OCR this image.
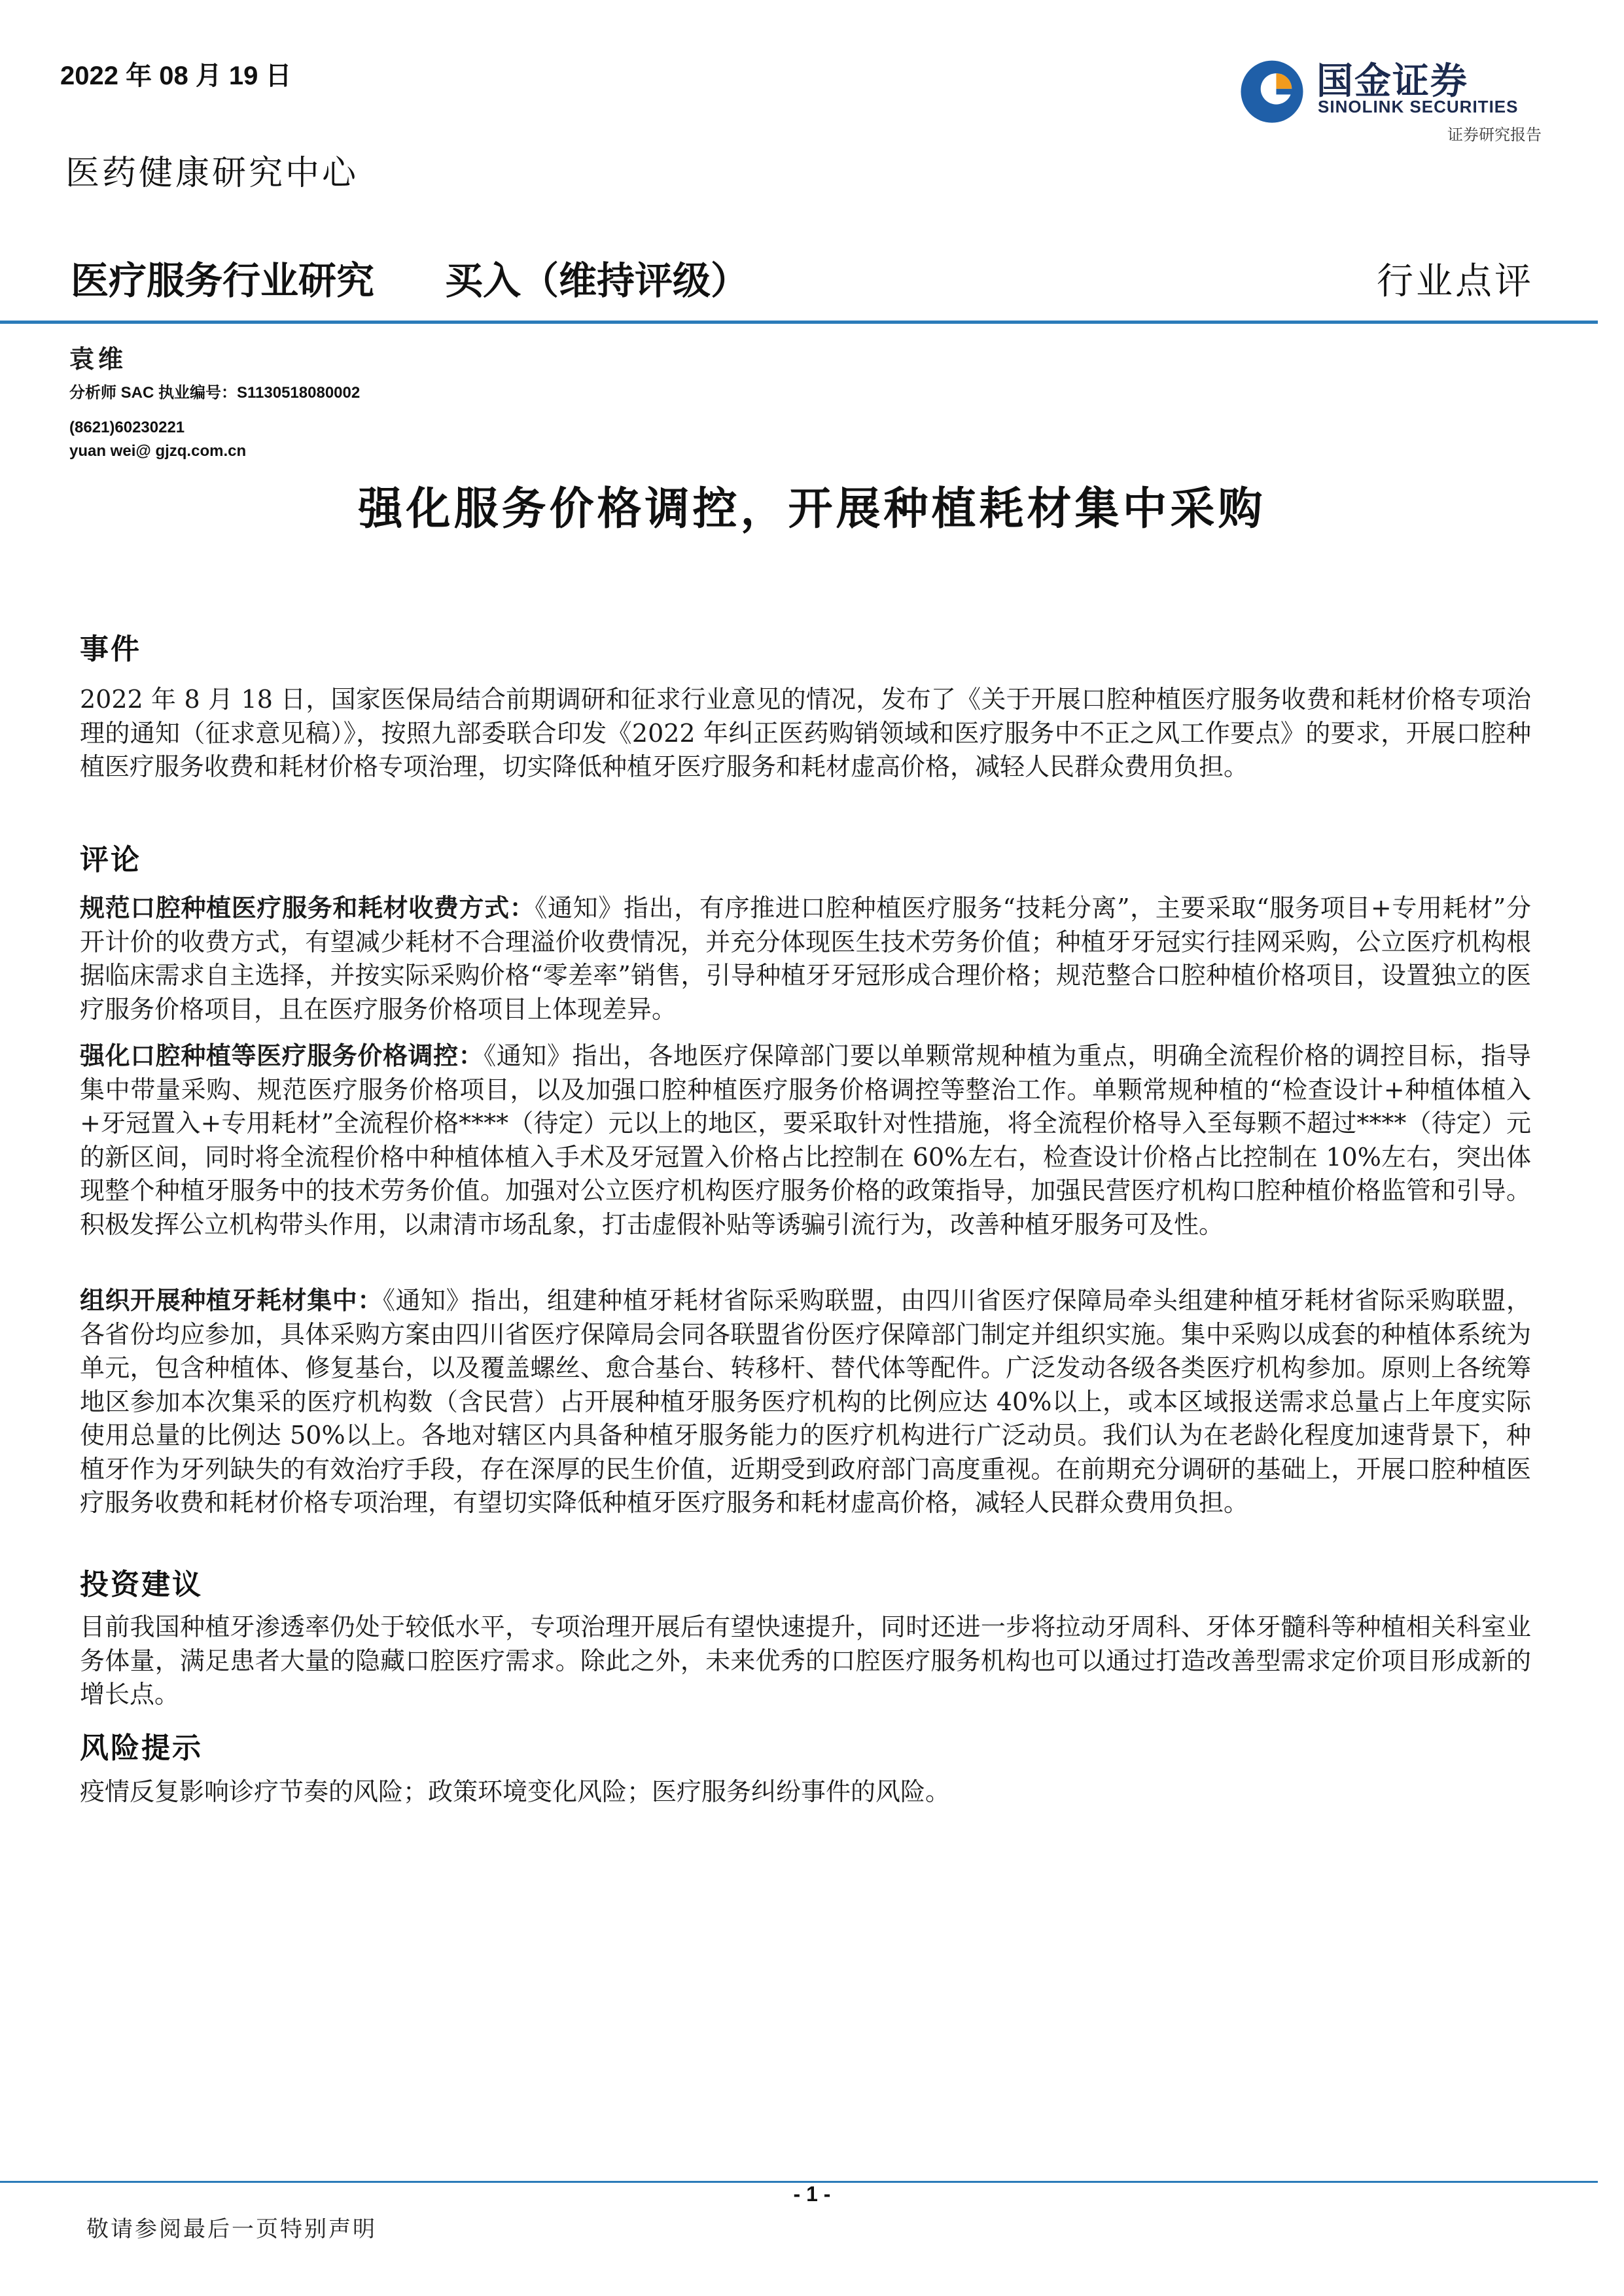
2022 年 08 月 19 日
医药健康研究中心
国金证券
SINOLINK SECURITIES
证券研究报告
医疗服务行业研究 买入（维持评级）	行业点评
袁维
分析师 SAC 执业编号：S1130518080002
(8621)60230221
yuan wei@ gjzq.com.cn
强化服务价格调控，开展种植耗材集中采购
事件
2022 年 8 月 18 日，国家医保局结合前期调研和征求行业意见的情况，发布了《关于开展口腔种植医疗服务收费和耗材价格专项治理的通知（征求意见稿）》，按照九部委联合印发《2022 年纠正医药购销领域和医疗服务中不正之风工作要点》的要求，开展口腔种植医疗服务收费和耗材价格专项治理，切实降低种植牙医疗服务和耗材虚高价格，减轻人民群众费用负担。
评论
规范口腔种植医疗服务和耗材收费方式：《通知》指出，有序推进口腔种植医疗服务“技耗分离”，主要采取“服务项目+专用耗材”分开计价的收费方式，有望减少耗材不合理溢价收费情况，并充分体现医生技术劳务价值；种植牙牙冠实行挂网采购，公立医疗机构根据临床需求自主选择，并按实际采购价格“零差率”销售，引导种植牙牙冠形成合理价格；规范整合口腔种植价格项目，设置独立的医疗服务价格项目，且在医疗服务价格项目上体现差异。
强化口腔种植等医疗服务价格调控：《通知》指出，各地医疗保障部门要以单颗常规种植为重点，明确全流程价格的调控目标，指导集中带量采购、规范医疗服务价格项目，以及加强口腔种植医疗服务价格调控等整治工作。单颗常规种植的“检查设计+种植体植入+牙冠置入+专用耗材”全流程价格****（待定）元以上的地区，要采取针对性措施，将全流程价格导入至每颗不超过****（待定）元的新区间，同时将全流程价格中种植体植入手术及牙冠置入价格占比控制在 60%左右，检查设计价格占比控制在 10%左右，突出体现整个种植牙服务中的技术劳务价值。加强对公立医疗机构医疗服务价格的政策指导，加强民营医疗机构口腔种植价格监管和引导。积极发挥公立机构带头作用，以肃清市场乱象，打击虚假补贴等诱骗引流行为，改善种植牙服务可及性。
组织开展种植牙耗材集中：《通知》指出，组建种植牙耗材省际采购联盟，由四川省医疗保障局牵头组建种植牙耗材省际采购联盟，各省份均应参加，具体采购方案由四川省医疗保障局会同各联盟省份医疗保障部门制定并组织实施。集中采购以成套的种植体系统为单元，包含种植体、修复基台，以及覆盖螺丝、愈合基台、转移杆、替代体等配件。广泛发动各级各类医疗机构参加。原则上各统筹地区参加本次集采的医疗机构数（含民营）占开展种植牙服务医疗机构的比例应达 40%以上，或本区域报送需求总量占上年度实际使用总量的比例达 50%以上。各地对辖区内具备种植牙服务能力的医疗机构进行广泛动员。我们认为在老龄化程度加速背景下，种植牙作为牙列缺失的有效治疗手段，存在深厚的民生价值，近期受到政府部门高度重视。在前期充分调研的基础上，开展口腔种植医疗服务收费和耗材价格专项治理，有望切实降低种植牙医疗服务和耗材虚高价格，减轻人民群众费用负担。
投资建议
目前我国种植牙渗透率仍处于较低水平，专项治理开展后有望快速提升，同时还进一步将拉动牙周科、牙体牙髓科等种植相关科室业务体量，满足患者大量的隐藏口腔医疗需求。除此之外，未来优秀的口腔医疗服务机构也可以通过打造改善型需求定价项目形成新的增长点。
风险提示
疫情反复影响诊疗节奏的风险；政策环境变化风险；医疗服务纠纷事件的风险。
- 1 -
敬请参阅最后一页特别声明
